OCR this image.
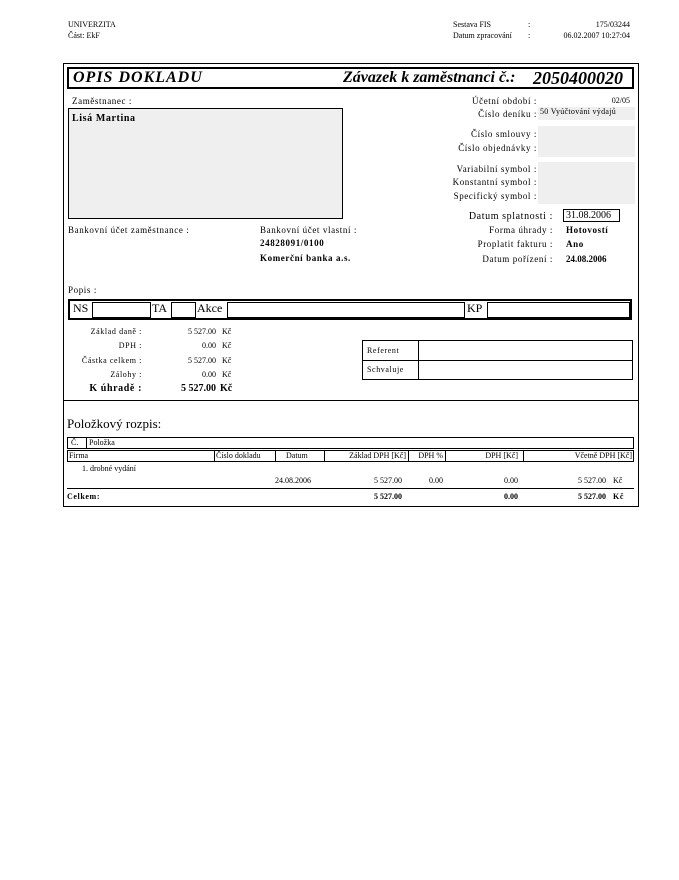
UNIVERZITA
Část: EkF
Sestava FIS	:	175/03244
Datum zpracování :	06.02.2007 10:27:04
OPIS DOKLADU	Závazek k zaměstnanci č.: 2050400020
Zaměstnanec :
Lisá Martina
Bankovní účet zaměstnance :	Bankovní účet vlastní :
24828091/0100
Komerční banka a.s.
Účetní období :	02/05
Číslo deníku : 50 Vyúčtování výdajů
Číslo smlouvy :
Číslo objednávky :
Variabilní symbol :
Konstantní symbol :
Specifický symbol :
Datum splatnosti :	31.08.2006
Forma úhrady : Hotovostí
Proplatit fakturu : Ano
Datum pořízení : 24.08.2006
Popis :
NS	TA Akce	KP
Základ daně :	5 527.00 Kč
DPH :	0.00 Kč
Částka celkem :	5 527.00 Kč
Zálohy :	0.00 Kč
K úhradě :	5 527.00 Kč
Referent
Schvaluje
Položkový rozpis:
Č. Položka
Firma	Číslo dokladu	Datum	Základ DPH [Kč]	DPH %	DPH [Kč]	Včetně DPH [Kč]
1. drobné vydání
24.08.2006	5 527.00	0.00	0.00	5 527.00 Kč
Celkem:	5 527.00	0.00	5 527.00 Kč
